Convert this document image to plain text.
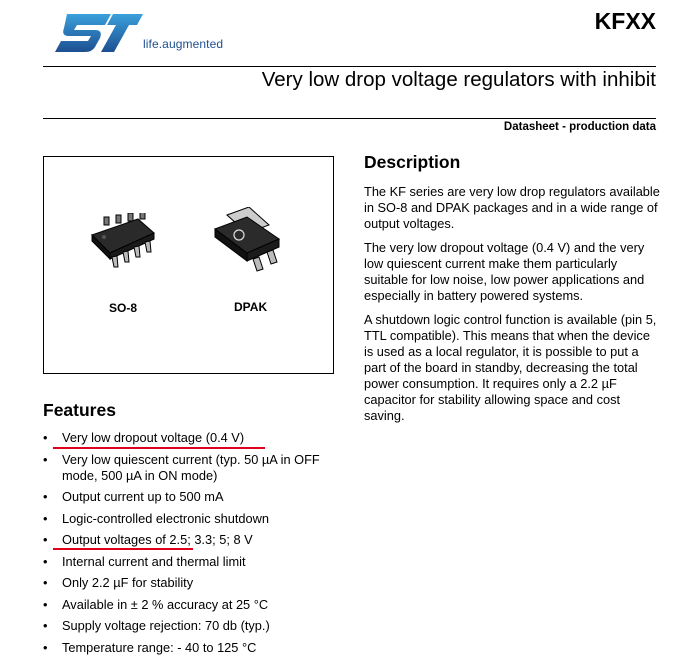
life.augmented
KFXX
Very low drop voltage regulators with inhibit
Datasheet - production data
SO-8	DPAK
Description

The KF series are very low drop regulators available in SO-8 and DPAK packages and in a wide range of output voltages.

The very low dropout voltage (0.4 V) and the very low quiescent current make them particularly suitable for low noise, low power applications and especially in battery powered systems.

A shutdown logic control function is available (pin 5, TTL compatible). This means that when the device is used as a local regulator, it is possible to put a part of the board in standby, decreasing the total power consumption. It requires only a 2.2 µF capacitor for stability allowing space and cost saving.

Features
• Very low dropout voltage (0.4 V)
• Very low quiescent current (typ. 50 µA in OFF mode, 500 µA in ON mode)
• Output current up to 500 mA
• Logic-controlled electronic shutdown
• Output voltages of 2.5; 3.3; 5; 8 V
• Internal current and thermal limit
• Only 2.2 µF for stability
• Available in ± 2 % accuracy at 25 °C
• Supply voltage rejection: 70 db (typ.)
• Temperature range: - 40 to 125 °C
